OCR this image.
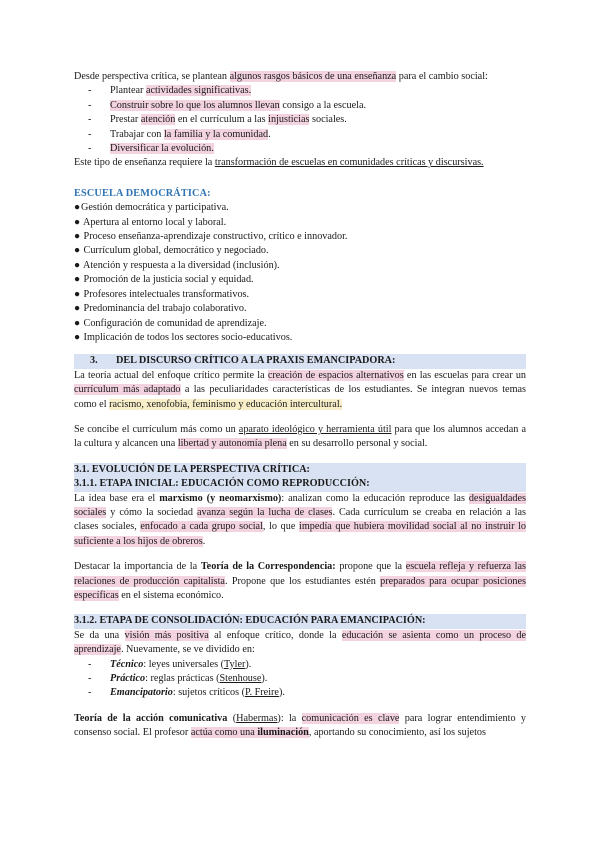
Desde perspectiva crítica, se plantean algunos rasgos básicos de una enseñanza para el cambio social:

- Plantear actividades significativas.
- Construir sobre lo que los alumnos llevan consigo a la escuela.
- Prestar atención en el currículum a las injusticias sociales.
- Trabajar con la familia y la comunidad.
- Diversificar la evolución.

Este tipo de enseñanza requiere la transformación de escuelas en comunidades críticas y discursivas.

ESCUELA DEMOCRÁTICA:

●Gestión democrática y participativa.
● Apertura al entorno local y laboral.
● Proceso enseñanza-aprendizaje constructivo, crítico e innovador.
● Currículum global, democrático y negociado.
● Atención y respuesta a la diversidad (inclusión).
● Promoción de la justicia social y equidad.
● Profesores intelectuales transformativos.
● Predominancia del trabajo colaborativo.
● Configuración de comunidad de aprendizaje.
● Implicación de todos los sectores socio-educativos.

3. DEL DISCURSO CRÍTICO A LA PRAXIS EMANCIPADORA:

La teoría actual del enfoque crítico permite la creación de espacios alternativos en las escuelas para crear un currículum más adaptado a las peculiaridades características de los estudiantes. Se integran nuevos temas como el racismo, xenofobia, feminismo y educación intercultural.

Se concibe el currículum más como un aparato ideológico y herramienta útil para que los alumnos accedan a la cultura y alcancen una libertad y autonomía plena en su desarrollo personal y social.

3.1. EVOLUCIÓN DE LA PERSPECTIVA CRÍTICA:

3.1.1. ETAPA INICIAL: EDUCACIÓN COMO REPRODUCCIÓN:

La idea base era el marxismo (y neomarxismo): analizan como la educación reproduce las desigualdades sociales y cómo la sociedad avanza según la lucha de clases. Cada currículum se creaba en relación a las clases sociales, enfocado a cada grupo social, lo que impedía que hubiera movilidad social al no instruir lo suficiente a los hijos de obreros.

Destacar la importancia de la Teoría de la Correspondencia: propone que la escuela refleja y refuerza las relaciones de producción capitalista. Propone que los estudiantes estén preparados para ocupar posiciones específicas en el sistema económico.

3.1.2. ETAPA DE CONSOLIDACIÓN: EDUCACIÓN PARA EMANCIPACIÓN:

Se da una visión más positiva al enfoque crítico, donde la educación se asienta como un proceso de aprendizaje. Nuevamente, se ve dividido en:

- Técnico: leyes universales (Tyler).
- Práctico: reglas prácticas (Stenhouse).
- Emancipatorio: sujetos críticos (P. Freire).

Teoría de la acción comunicativa (Habermas): la comunicación es clave para lograr entendimiento y consenso social. El profesor actúa como una iluminación, aportando su conocimiento, así los sujetos
